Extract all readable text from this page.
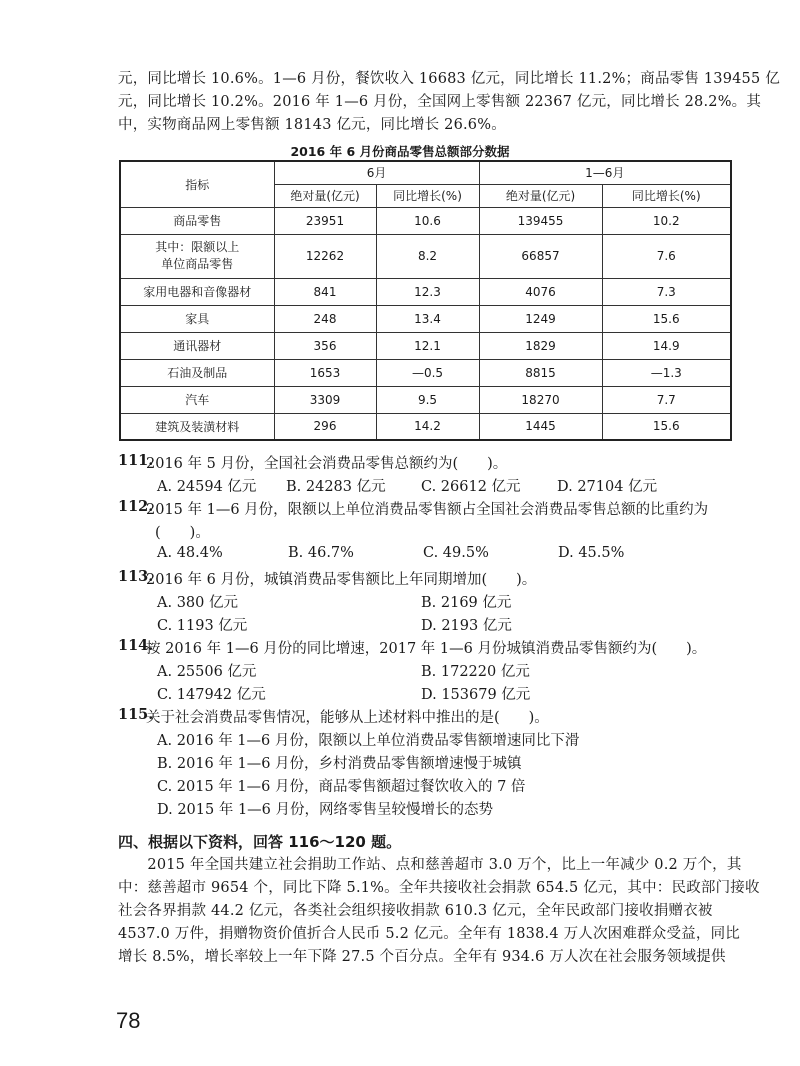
元，同比增长 10.6%。1—6 月份，餐饮收入 16683 亿元，同比增长 11.2%；商品零售 139455 亿
元，同比增长 10.2%。2016 年 1—6 月份，全国网上零售额 22367 亿元，同比增长 28.2%。其
中，实物商品网上零售额 18143 亿元，同比增长 26.6%。
2016 年 6 月份商品零售总额部分数据
指标	6月		1—6月	
	绝对量(亿元)	同比增长(%)	绝对量(亿元)	同比增长(%)
商品零售	23951	10.6	139455	10.2
其中：限额以上
单位商品零售	12262	8.2	66857	7.6
家用电器和音像器材	841	12.3	4076	7.3
家具	248	13.4	1249	15.6
通讯器材	356	12.1	1829	14.9
石油及制品	1653	—0.5	8815	—1.3
汽车	3309	9.5	18270	7.7
建筑及装潢材料	296	14.2	1445	15.6
111.
2016 年 5 月份，全国社会消费品零售总额约为(　　)。
A. 24594 亿元 B. 24283 亿元 C. 26612 亿元	D. 27104 亿元
112.
2015 年 1—6 月份，限额以上单位消费品零售额占全国社会消费品零售总额的比重约为
(　　)。
A. 48.4%	B. 46.7%	C. 49.5%	D. 45.5%
113.
2016 年 6 月份，城镇消费品零售额比上年同期增加(　　)。
A. 380 亿元	B. 2169 亿元
C. 1193 亿元	D. 2193 亿元
114.
按 2016 年 1—6 月份的同比增速，2017 年 1—6 月份城镇消费品零售额约为(　　)。
A. 25506 亿元	B. 172220 亿元
C. 147942 亿元	D. 153679 亿元
115.
关于社会消费品零售情况，能够从上述材料中推出的是(　　)。
A. 2016 年 1—6 月份，限额以上单位消费品零售额增速同比下滑
B. 2016 年 1—6 月份，乡村消费品零售额增速慢于城镇
C. 2015 年 1—6 月份，商品零售额超过餐饮收入的 7 倍
D. 2015 年 1—6 月份，网络零售呈较慢增长的态势
四、根据以下资料，回答 116～120 题。
　　2015 年全国共建立社会捐助工作站、点和慈善超市 3.0 万个，比上一年减少 0.2 万个，其
中：慈善超市 9654 个，同比下降 5.1%。全年共接收社会捐款 654.5 亿元，其中：民政部门接收
社会各界捐款 44.2 亿元，各类社会组织接收捐款 610.3 亿元，全年民政部门接收捐赠衣被
4537.0 万件，捐赠物资价值折合人民币 5.2 亿元。全年有 1838.4 万人次困难群众受益，同比
增长 8.5%，增长率较上一年下降 27.5 个百分点。全年有 934.6 万人次在社会服务领域提供
78
